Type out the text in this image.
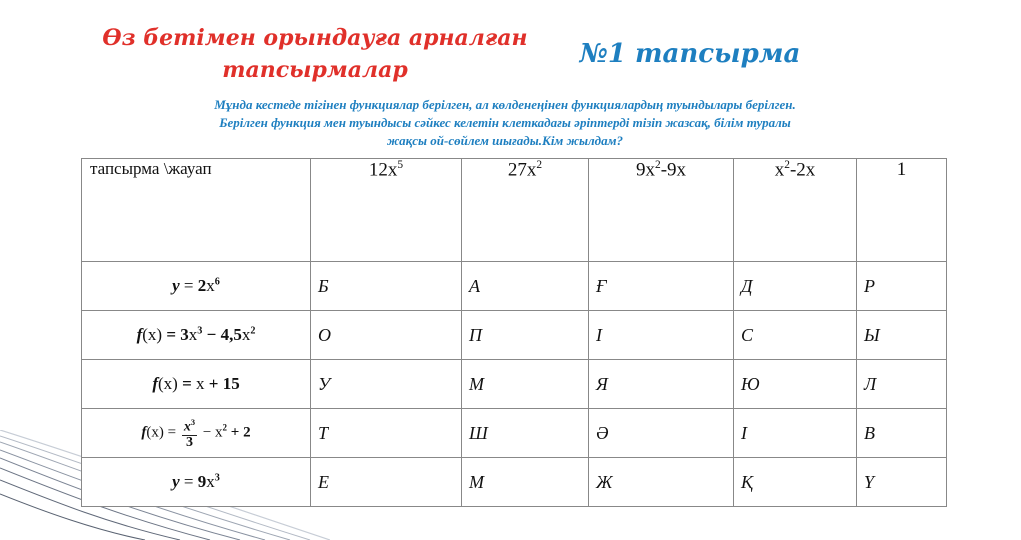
Өз бетімен орындауға арналған
тапсырмалар
№1 тапсырма
Мұнда кестеде тігінен функциялар берілген, ал көлденеңінен функциялардың туындылары берілген.
Берілген функция мен туындысы сәйкес келетін клеткадағы әріптерді тізіп жазсақ, білім туралы
жақсы ой-сөйлем шығады.Кім жылдам?
тапсырма \жауап	$12x^5$	$27x^2$	$9x^2-9x$	$x^2-2x$	1
$y = 2x^6$	Б	А	Ғ	Д	Р
$f(x) = 3x^3 - 4,5x^2$	О	П	І	С	Ы
f(x) = x + 15	У	М	Я	Ю	Л
$f(x) = \frac{x^3}{3} - x^2 + 2$	Т	Ш	Ә	І	В
$y = 9x^3$	Е	М	Ж	Қ	Ү
